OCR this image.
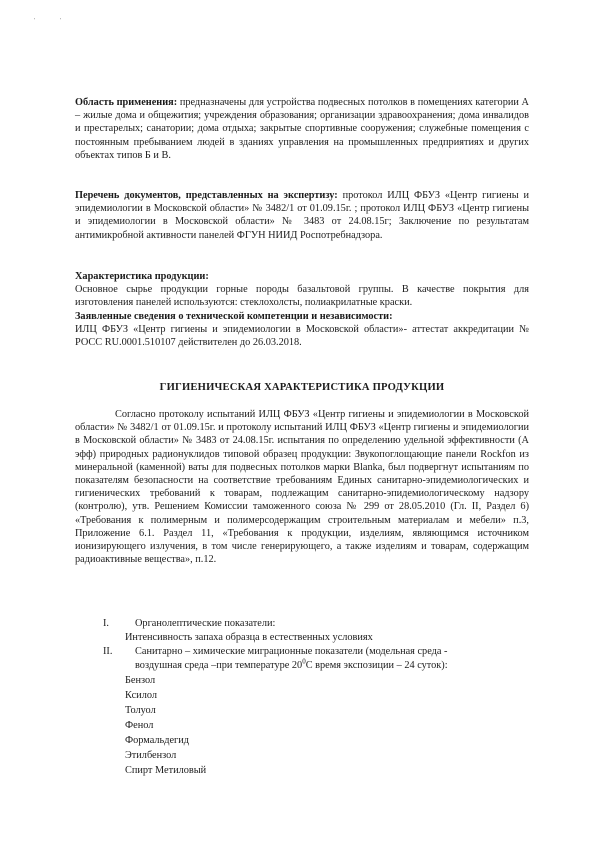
'	'
Область применения: предназначены для устройства подвесных потолков в помещениях категории А – жилые дома и общежития; учреждения образования; организации здравоохранения; дома инвалидов и престарелых; санатории; дома отдыха; закрытые спортивные сооружения; служебные помещения с постоянным пребыванием людей в зданиях управления на промышленных предприятиях и других объектах типов Б и В.
Перечень документов, представленных на экспертизу: протокол ИЛЦ ФБУЗ «Центр гигиены и эпидемиологии в Московской области» № 3482/1 от 01.09.15г. ; протокол ИЛЦ ФБУЗ «Центр гигиены и эпидемиологии в Московской области» № 3483 от 24.08.15г; Заключение по результатам антимикробной активности панелей ФГУН НИИД Роспотребнадзора.
Характеристика продукции:
Основное сырье продукции горные породы базальтовой группы. В качестве покрытия для изготовления панелей используются: стеклохолсты, полиакрилатные краски.
Заявленные сведения о технической компетенции и независимости:
ИЛЦ ФБУЗ «Центр гигиены и эпидемиологии в Московской области»- аттестат аккредитации № РОСС RU.0001.510107 действителен до 26.03.2018.
ГИГИЕНИЧЕСКАЯ ХАРАКТЕРИСТИКА ПРОДУКЦИИ
Согласно протоколу испытаний ИЛЦ ФБУЗ «Центр гигиены и эпидемиологии в Московской области» № 3482/1 от 01.09.15г. и протоколу испытаний ИЛЦ ФБУЗ «Центр гигиены и эпидемиологии в Московской области» № 3483 от 24.08.15г. испытания по определению удельной эффективности (А эфф) природных радионуклидов типовой образец продукции: Звукопоглощающие панели Rockfon из минеральной (каменной) ваты для подвесных потолков марки Blanka, был подвергнут испытаниям по показателям безопасности на соответствие требованиям Единых санитарно-эпидемиологических и гигиенических требований к товарам, подлежащим санитарно-эпидемиологическому надзору (контролю), утв. Решением Комиссии таможенного союза № 299 от 28.05.2010 (Гл. II, Раздел 6) «Требования к полимерным и полимерсодержащим строительным материалам и мебели» п.3, Приложение 6.1. Раздел 11, «Требования к продукции, изделиям, являющимся источником ионизирующего излучения, в том числе генерирующего, а также изделиям и товарам, содержащим радиоактивные вещества», п.12.
I.	Органолептические показатели:
Интенсивность запаха образца в естественных условиях
II. Санитарно – химические миграционные показатели (модельная среда -
воздушная среда –при температуре $20^0С$ время экспозиции – 24 суток):
Бензол
Ксилол
Толуол
Фенол
Формальдегид
Этилбензол
Спирт Метиловый
